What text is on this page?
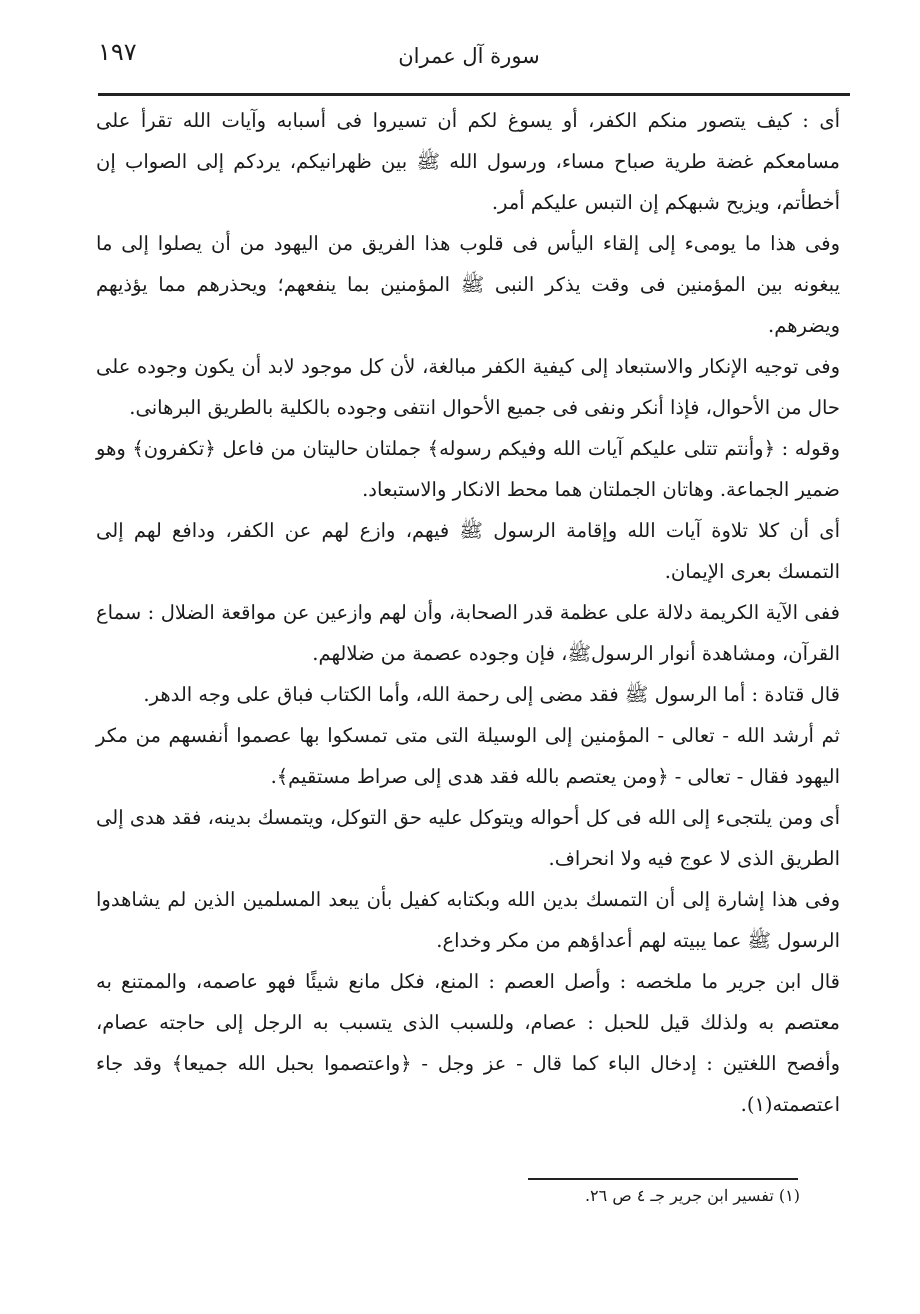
١٩٧	سورة آل عمران

أى : كيف يتصور منكم الكفر، أو يسوغ لكم أن تسيروا فى أسبابه وآيات الله تقرأ على مسامعكم غضة طرية صباح مساء، ورسول الله ﷺ بين ظهرانيكم، يردكم إلى الصواب إن أخطأتم، ويزيح شبهكم إن التبس عليكم أمر.

وفى هذا ما يومىء إلى إلقاء اليأس فى قلوب هذا الفريق من اليهود من أن يصلوا إلى ما يبغونه بين المؤمنين فى وقت يذكر النبى ﷺ المؤمنين بما ينفعهم؛ ويحذرهم مما يؤذيهم ويضرهم.

وفى توجيه الإنكار والاستبعاد إلى كيفية الكفر مبالغة، لأن كل موجود لابد أن يكون وجوده على حال من الأحوال، فإذا أنكر ونفى فى جميع الأحوال انتفى وجوده بالكلية بالطريق البرهانى.

وقوله : ﴿وأنتم تتلى عليكم آيات الله وفيكم رسوله﴾ جملتان حاليتان من فاعل ﴿تكفرون﴾ وهو ضمير الجماعة. وهاتان الجملتان هما محط الانكار والاستبعاد.

أى أن كلا تلاوة آيات الله وإقامة الرسول ﷺ فيهم، وازع لهم عن الكفر، ودافع لهم إلى التمسك بعرى الإيمان.

ففى الآية الكريمة دلالة على عظمة قدر الصحابة، وأن لهم وازعين عن مواقعة الضلال : سماع القرآن، ومشاهدة أنوار الرسولﷺ، فإن وجوده عصمة من ضلالهم.

قال قتادة : أما الرسول ﷺ فقد مضى إلى رحمة الله، وأما الكتاب فباق على وجه الدهر.

ثم أرشد الله - تعالى - المؤمنين إلى الوسيلة التى متى تمسكوا بها عصموا أنفسهم من مكر اليهود فقال - تعالى - ﴿ومن يعتصم بالله فقد هدى إلى صراط مستقيم﴾.

أى ومن يلتجىء إلى الله فى كل أحواله ويتوكل عليه حق التوكل، ويتمسك بدينه، فقد هدى إلى الطريق الذى لا عوج فيه ولا انحراف.

وفى هذا إشارة إلى أن التمسك بدين الله وبكتابه كفيل بأن يبعد المسلمين الذين لم يشاهدوا الرسول ﷺ عما يبيته لهم أعداؤهم من مكر وخداع.

قال ابن جرير ما ملخصه : وأصل العصم : المنع، فكل مانع شيئًا فهو عاصمه، والممتنع به معتصم به ولذلك قيل للحبل : عصام، وللسبب الذى يتسبب به الرجل إلى حاجته عصام، وأفصح اللغتين : إدخال الباء كما قال - عز وجل - ﴿واعتصموا بحبل الله جميعا﴾ وقد جاء اعتصمته(١).

(١) تفسير ابن جرير جـ ٤ ص ٢٦.
